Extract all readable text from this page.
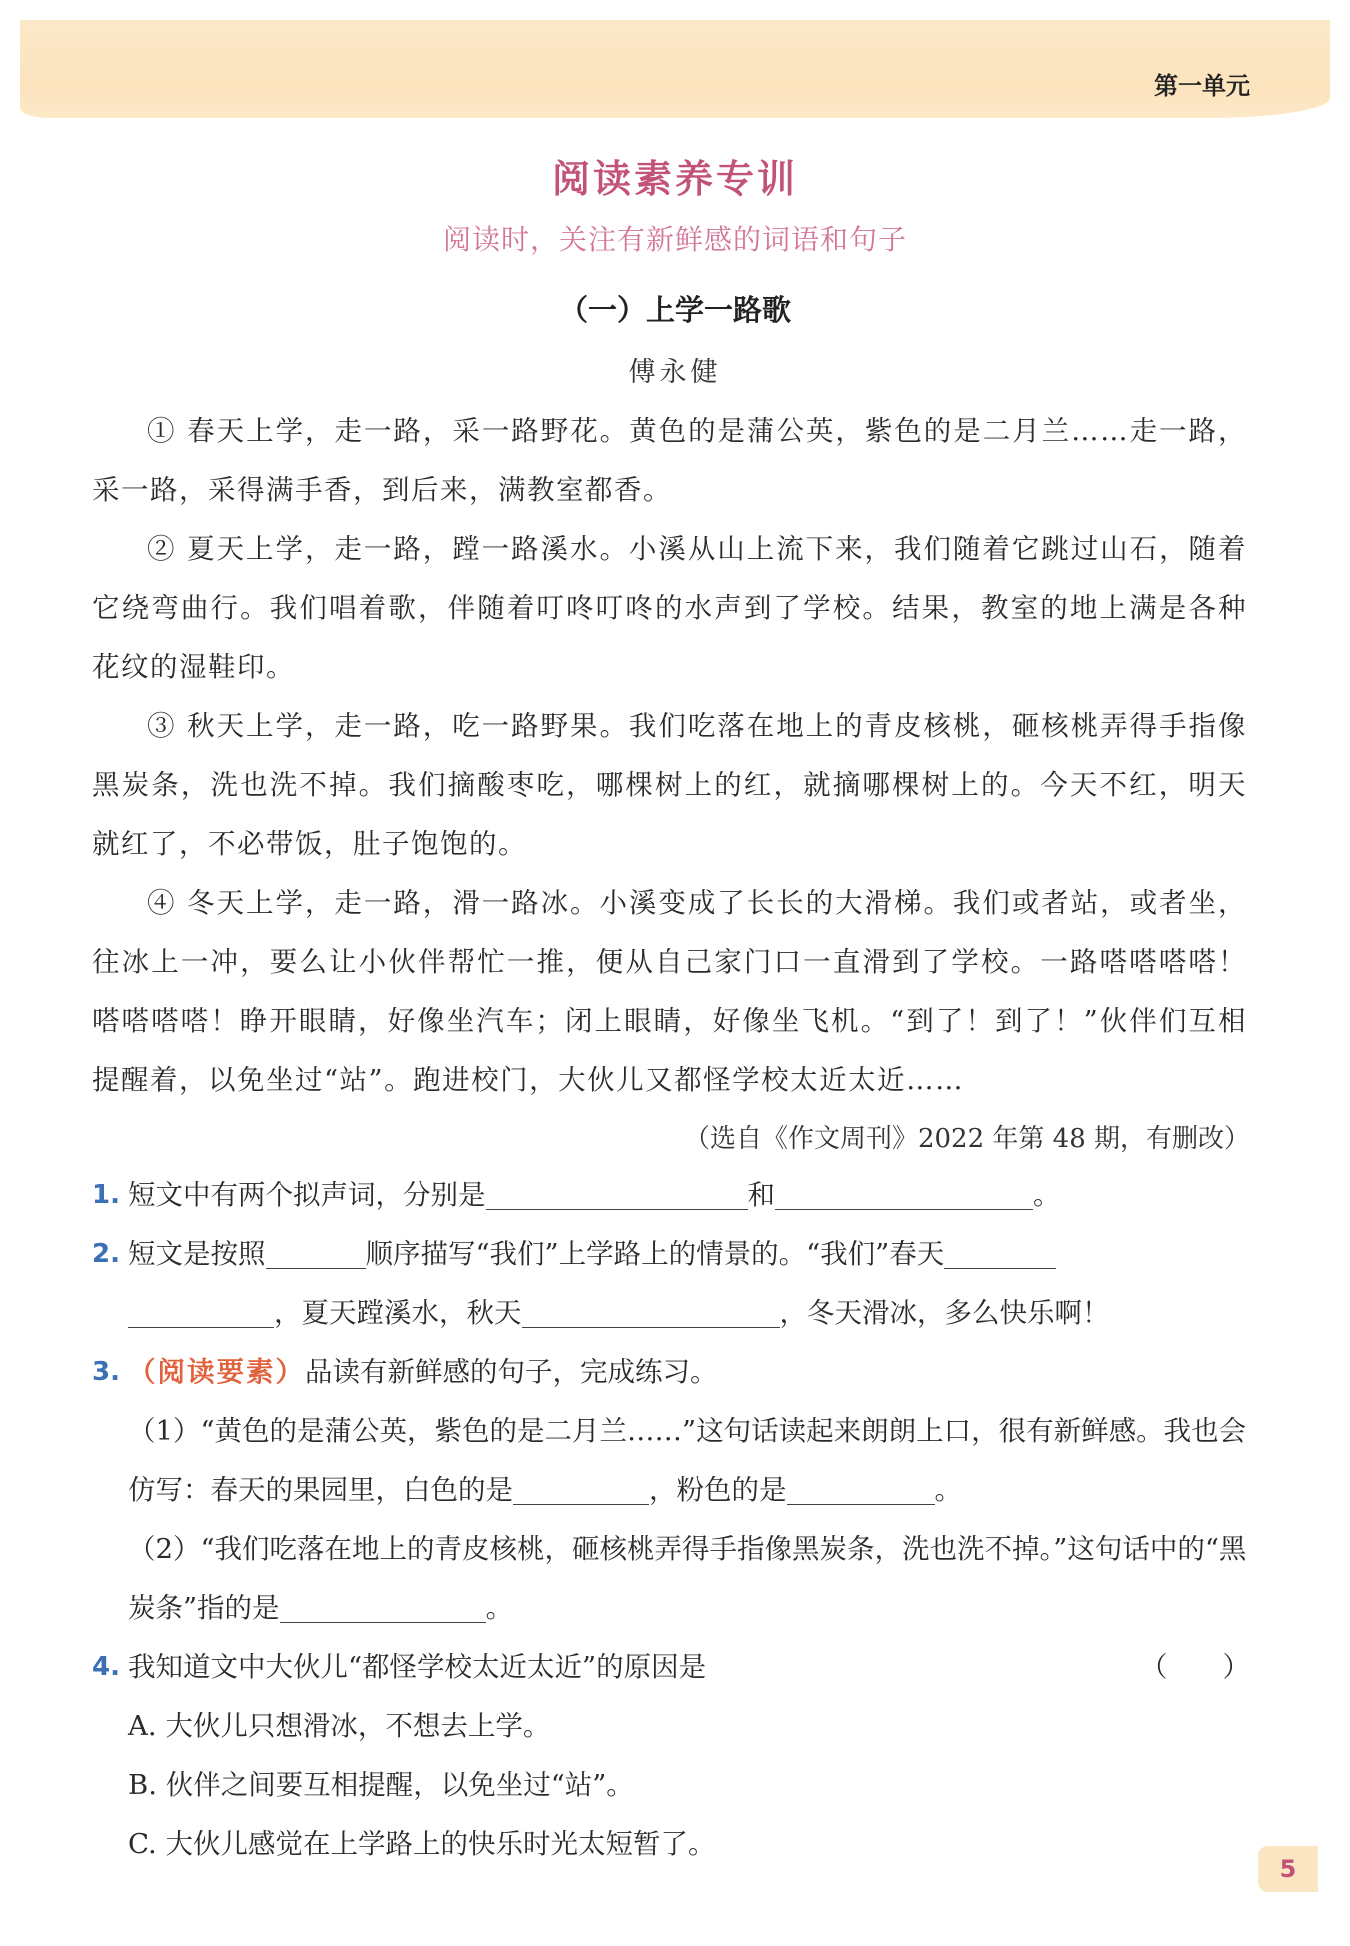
第一单元
阅读素养专训
阅读时，关注有新鲜感的词语和句子
（一）上学一路歌
傅永健

① 春天上学，走一路，采一路野花。黄色的是蒲公英，紫色的是二月兰……走一路，采一路，采得满手香，到后来，满教室都香。

② 夏天上学，走一路，蹚一路溪水。小溪从山上流下来，我们随着它跳过山石，随着它绕弯曲行。我们唱着歌，伴随着叮咚叮咚的水声到了学校。结果，教室的地上满是各种花纹的湿鞋印。

③ 秋天上学，走一路，吃一路野果。我们吃落在地上的青皮核桃，砸核桃弄得手指像黑炭条，洗也洗不掉。我们摘酸枣吃，哪棵树上的红，就摘哪棵树上的。今天不红，明天就红了，不必带饭，肚子饱饱的。

④ 冬天上学，走一路，滑一路冰。小溪变成了长长的大滑梯。我们或者站，或者坐，往冰上一冲，要么让小伙伴帮忙一推，便从自己家门口一直滑到了学校。一路嗒嗒嗒嗒！嗒嗒嗒嗒！睁开眼睛，好像坐汽车；闭上眼睛，好像坐飞机。“到了！到了！”伙伴们互相提醒着，以免坐过“站”。跑进校门，大伙儿又都怪学校太近太近……

（选自《作文周刊》2022 年第 48 期，有删改）
1. 短文中有两个拟声词，分别是	和	。
2. 短文是按照	顺序描写“我们”上学路上的情景的。“我们”春天
，夏天蹚溪水，秋天	，冬天滑冰，多么快乐啊！
3. （阅读要素）品读有新鲜感的句子，完成练习。
（1）“黄色的是蒲公英，紫色的是二月兰……”这句话读起来朗朗上口，很有新鲜感。我也会仿写：春天的果园里，白色的是	，粉色的是	。
（2）“我们吃落在地上的青皮核桃，砸核桃弄得手指像黑炭条，洗也洗不掉。”这句话中的“黑炭条”指的是	。
4. 我知道文中大伙儿“都怪学校太近太近”的原因是	（　　）
A. 大伙儿只想滑冰，不想去上学。
B. 伙伴之间要互相提醒，以免坐过“站”。
C. 大伙儿感觉在上学路上的快乐时光太短暂了。
5
